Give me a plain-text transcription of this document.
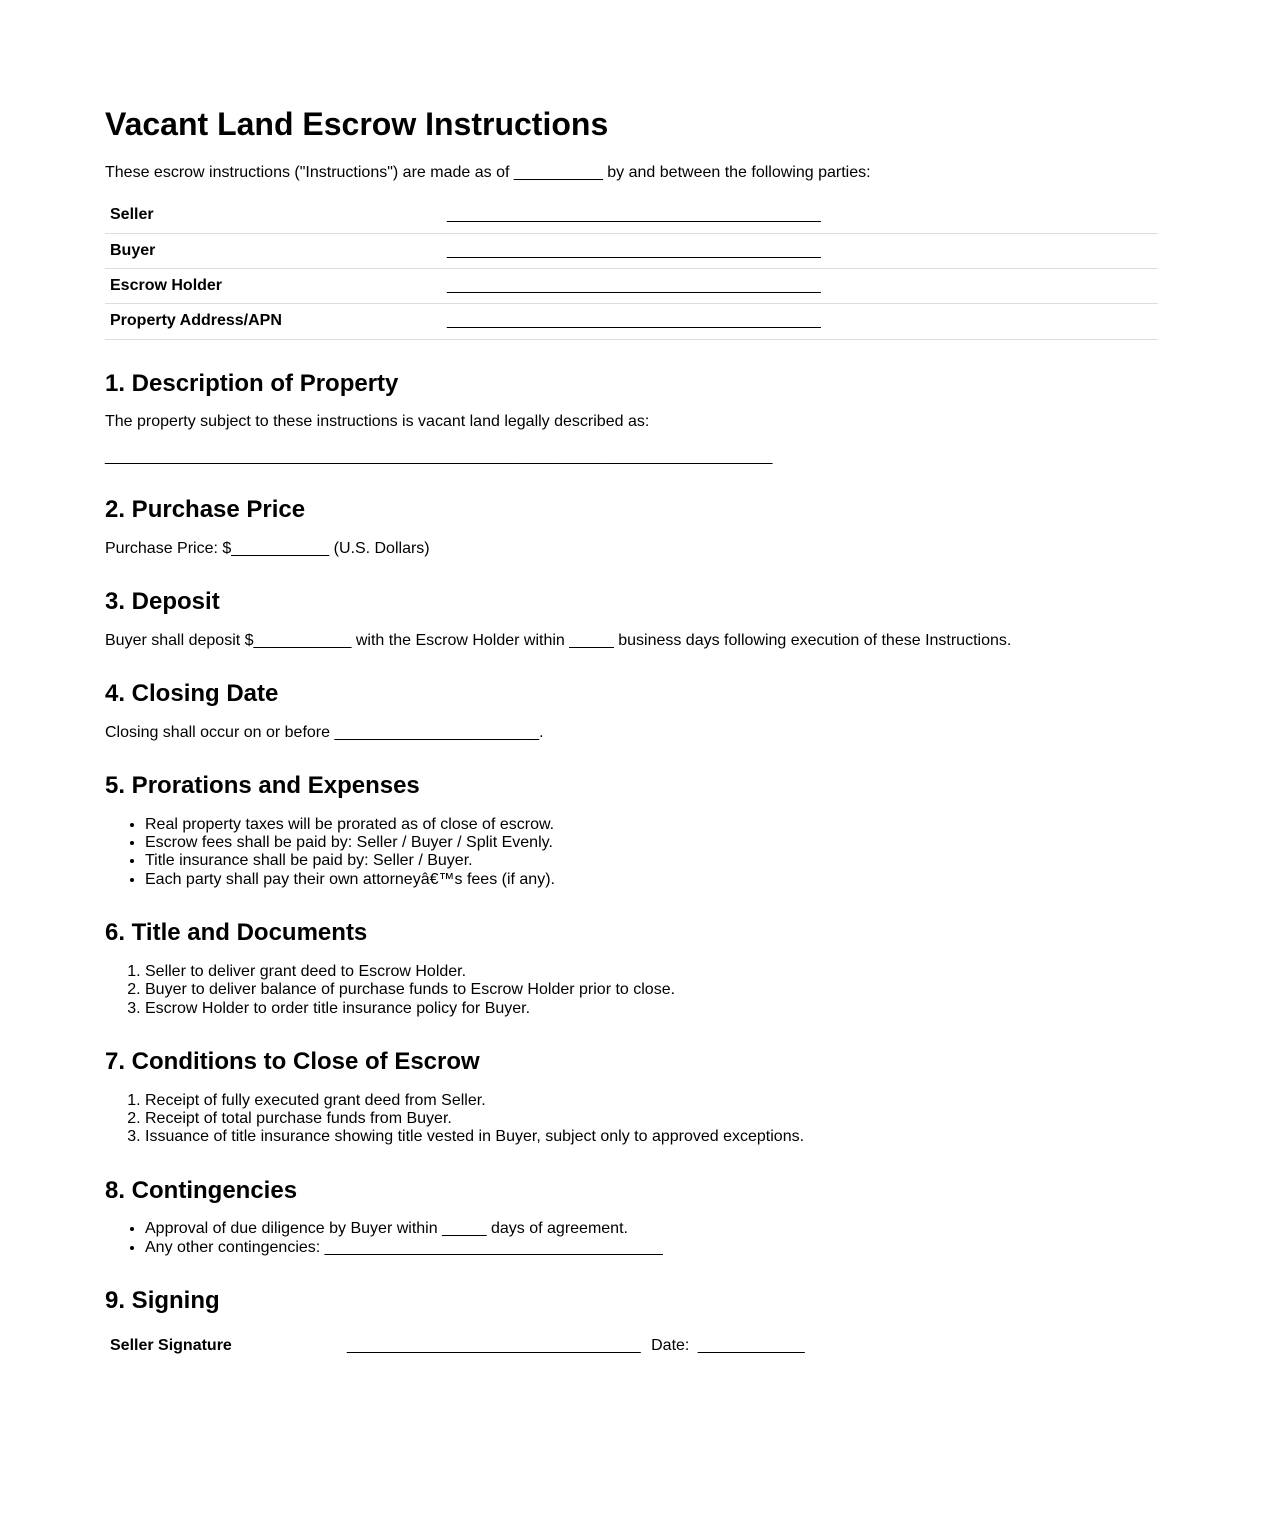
Vacant Land Escrow Instructions

These escrow instructions ("Instructions") are made as of __________ by and between the following parties:

Seller	__________________________________________
Buyer	__________________________________________
Escrow Holder	__________________________________________
Property Address/APN	__________________________________________
1. Description of Property

The property subject to these instructions is vacant land legally described as:

___________________________________________________________________________

2. Purchase Price

Purchase Price: $___________ (U.S. Dollars)

3. Deposit

Buyer shall deposit $___________ with the Escrow Holder within _____ business days following execution of these Instructions.

4. Closing Date

Closing shall occur on or before _______________________.

5. Prorations and Expenses
• Real property taxes will be prorated as of close of escrow.
• Escrow fees shall be paid by: Seller / Buyer / Split Evenly.
• Title insurance shall be paid by: Seller / Buyer.
• Each party shall pay their own attorneyâ€™s fees (if any).
6. Title and Documents
1. Seller to deliver grant deed to Escrow Holder.
2. Buyer to deliver balance of purchase funds to Escrow Holder prior to close.
3. Escrow Holder to order title insurance policy for Buyer.
7. Conditions to Close of Escrow
1. Receipt of fully executed grant deed from Seller.
2. Receipt of total purchase funds from Buyer.
3. Issuance of title insurance showing title vested in Buyer, subject only to approved exceptions.
8. Contingencies
• Approval of due diligence by Buyer within _____ days of agreement.
• Any other contingencies: ______________________________________
9. Signing
Seller Signature	_________________________________ Date: ____________
